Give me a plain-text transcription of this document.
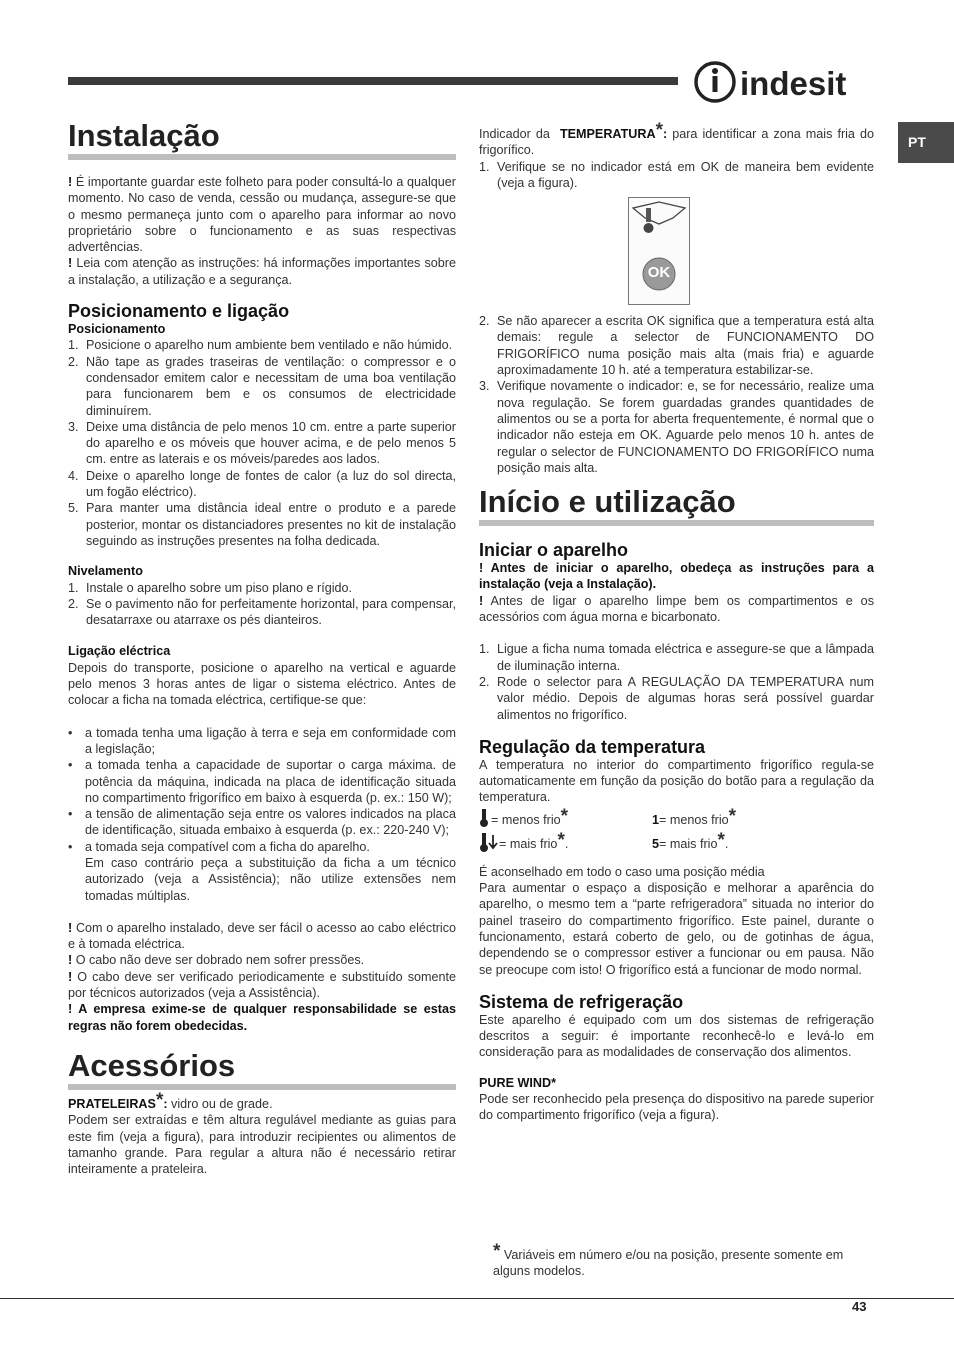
indesit
PT
Instalação

! É importante guardar este folheto para poder consultá-lo a qualquer momento. No caso de venda, cessão ou mudança, assegure-se que o mesmo permaneça junto com o aparelho para informar ao novo proprietário sobre o funcionamento e as suas respectivas advertências.

! Leia com atenção as instruções: há informações importantes sobre a instalação, a utilização e a segurança.

Posicionamento e ligação
Posicionamento
1. Posicione o aparelho num ambiente bem ventilado e não húmido.
2. Não tape as grades traseiras de ventilação: o compressor e o condensador emitem calor e necessitam de uma boa ventilação para funcionarem bem e os consumos de electricidade diminuírem.
3. Deixe uma distância de pelo menos 10 cm. entre a parte superior do aparelho e os móveis que houver acima, e de pelo menos 5 cm. entre as laterais e os móveis/paredes aos lados.
4. Deixe o aparelho longe de fontes de calor (a luz do sol directa, um fogão eléctrico).
5. Para manter uma distância ideal entre o produto e a parede posterior, montar os distanciadores presentes no kit de instalação seguindo as instruções presentes na folha dedicada.
Nivelamento
1. Instale o aparelho sobre um piso plano e rígido.
2. Se o pavimento não for perfeitamente horizontal, para compensar, desatarraxe ou atarraxe os pés dianteiros.
Ligação eléctrica

Depois do transporte, posicione o aparelho na vertical e aguarde pelo menos 3 horas antes de ligar o sistema eléctrico. Antes de colocar a ficha na tomada eléctrica, certifique-se que:

• a tomada tenha uma ligação à terra e seja em conformidade com a legislação;
• a tomada tenha a capacidade de suportar o carga máxima. de potência da máquina, indicada na placa de identificação situada no compartimento frigorífico em baixo à esquerda (p. ex.: 150 W);
• a tensão de alimentação seja entre os valores indicados na placa de identificação, situada embaixo à esquerda (p. ex.: 220-240 V);
• a tomada seja compatível com a ficha do aparelho.
Em caso contrário peça a substituição da ficha a um técnico autorizado (veja a Assistência); não utilize extensões nem tomadas múltiplas.

! Com o aparelho instalado, deve ser fácil o acesso ao cabo eléctrico e à tomada eléctrica.

! O cabo não deve ser dobrado nem sofrer pressões.

! O cabo deve ser verificado periodicamente e substituído somente por técnicos autorizados (veja a Assistência).

! A empresa exime-se de qualquer responsabilidade se estas regras não forem obedecidas.

Acessórios

PRATELEIRAS*: vidro ou de grade.

Podem ser extraídas e têm altura regulável mediante as guias para este fim (veja a figura), para introduzir recipientes ou alimentos de tamanho grande. Para regular a altura não é necessário retirar inteiramente a prateleira.

Indicador da TEMPERATURA*: para identificar a zona mais fria do frigorífico.

1. Verifique se no indicador está em OK de maneira bem evidente (veja a figura).
OK
2. Se não aparecer a escrita OK significa que a temperatura está alta demais: regule a selector de FUNCIONAMENTO DO FRIGORÍFICO numa posição mais alta (mais fria) e aguarde aproximadamente 10 h. até a temperatura estabilizar-se.
3. Verifique novamente o indicador: e, se for necessário, realize uma nova regulação. Se forem guardadas grandes quantidades de alimentos ou se a porta for aberta frequentemente, é normal que o indicador não esteja em OK. Aguarde pelo menos 10 h. antes de regular o selector de FUNCIONAMENTO DO FRIGORÍFICO numa posição mais alta.
Início e utilização
Iniciar o aparelho

! Antes de iniciar o aparelho, obedeça as instruções para a instalação (veja a Instalação).

! Antes de ligar o aparelho limpe bem os compartimentos e os acessórios com água morna e bicarbonato.

1. Ligue a ficha numa tomada eléctrica e assegure-se que a lâmpada de iluminação interna.
2. Rode o selector para A REGULAÇÃO DA TEMPERATURA num valor médio. Depois de algumas horas será possível guardar alimentos no frigorífico.
Regulação da temperatura

A temperatura no interior do compartimento frigorífico regula-se automaticamente em função da posição do botão para a regulação da temperatura.

= menos frio*	1= menos frio*
= mais frio*.	5= mais frio*.

É aconselhado em todo o caso uma posição média

Para aumentar o espaço a disposição e melhorar a aparência do aparelho, o mesmo tem a “parte refrigeradora” situada no interior do painel traseiro do compartimento frigorífico. Este painel, durante o funcionamento, estará coberto de gelo, ou de gotinhas de água, dependendo se o compressor estiver a funcionar ou em pausa. Não se preocupe com isto! O frigorífico está a funcionar de modo normal.

Sistema de refrigeração

Este aparelho é equipado com um dos sistemas de refrigeração descritos a seguir: é importante reconhecê-lo e levá-lo em consideração para as modalidades de conservação dos alimentos.

PURE WIND*

Pode ser reconhecido pela presença do dispositivo na parede superior do compartimento frigorífico (veja a figura).

* Variáveis em número e/ou na posição, presente somente em alguns modelos.
43
